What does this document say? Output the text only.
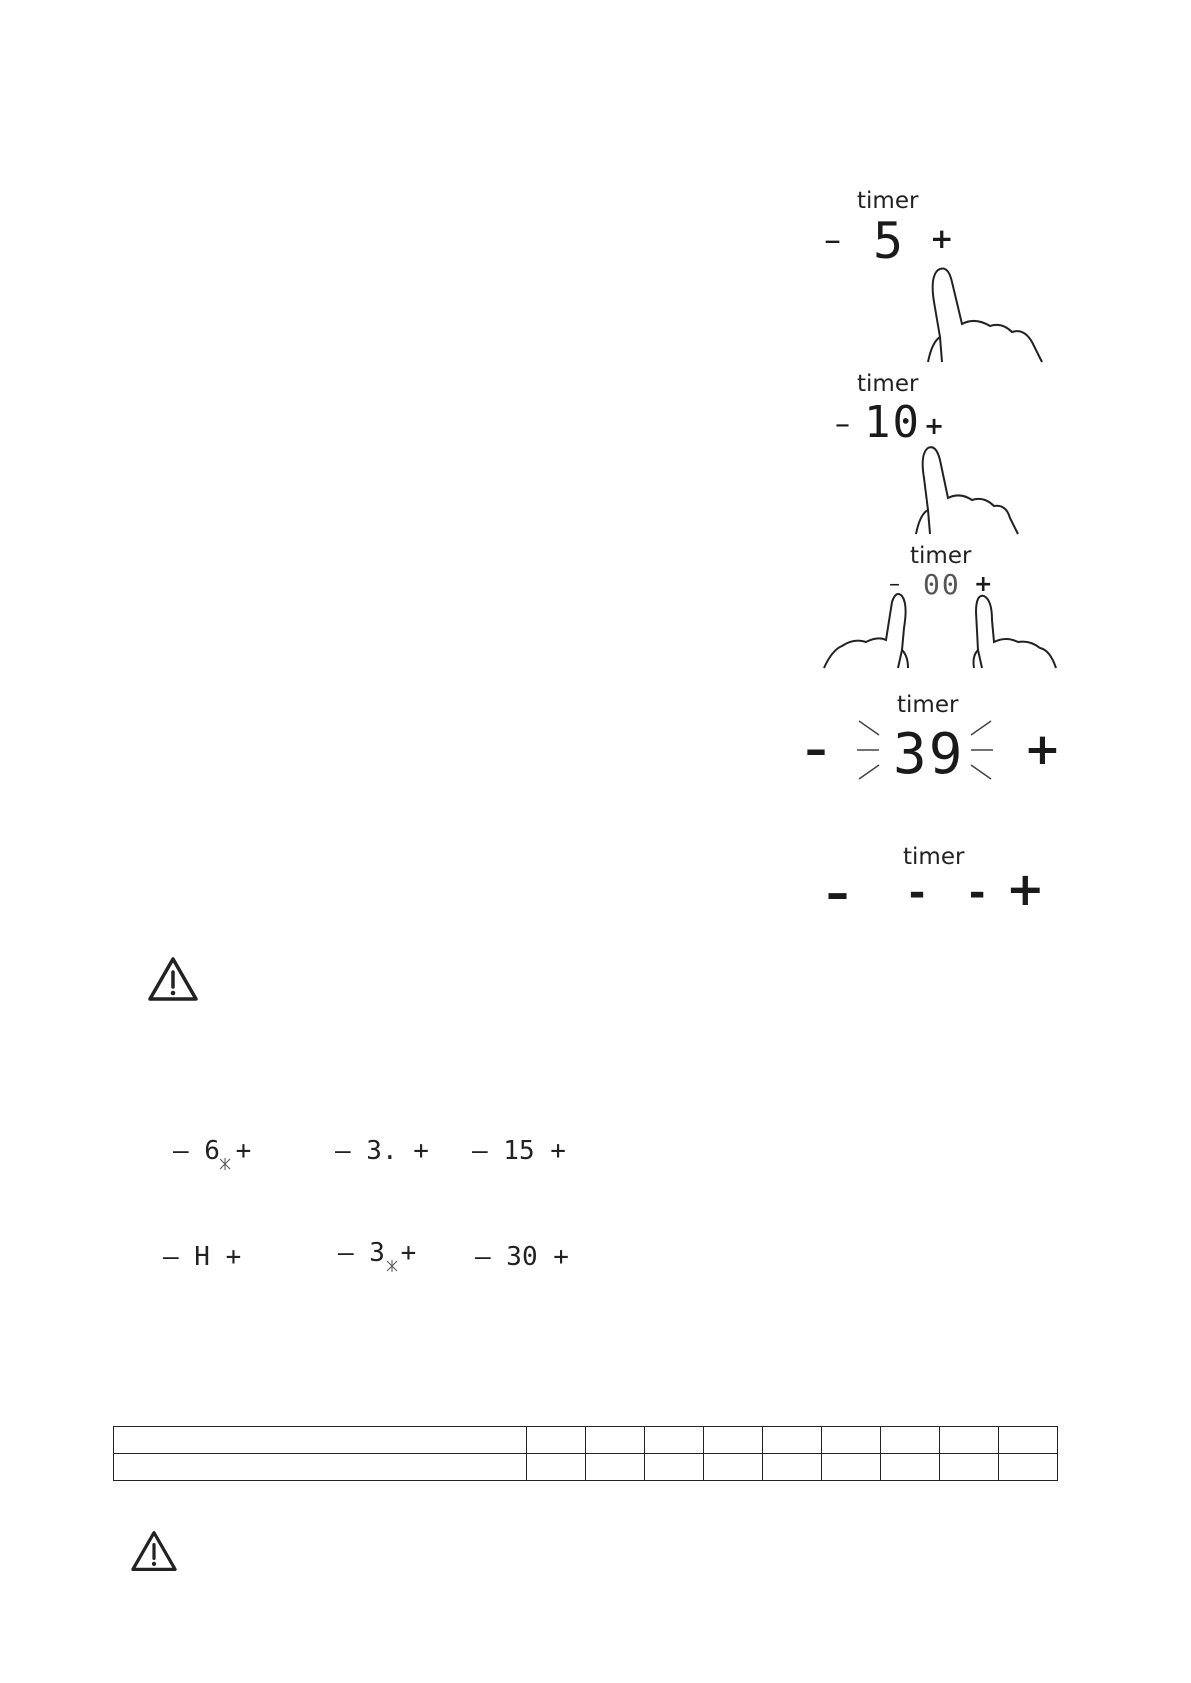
timer
– 5 +
timer
– 10 +
timer
– 00 +
timer
– 39 +
timer
– - - +
– 6 +	– 3. + – 15 +
– H +	– 3 + – 30 +
